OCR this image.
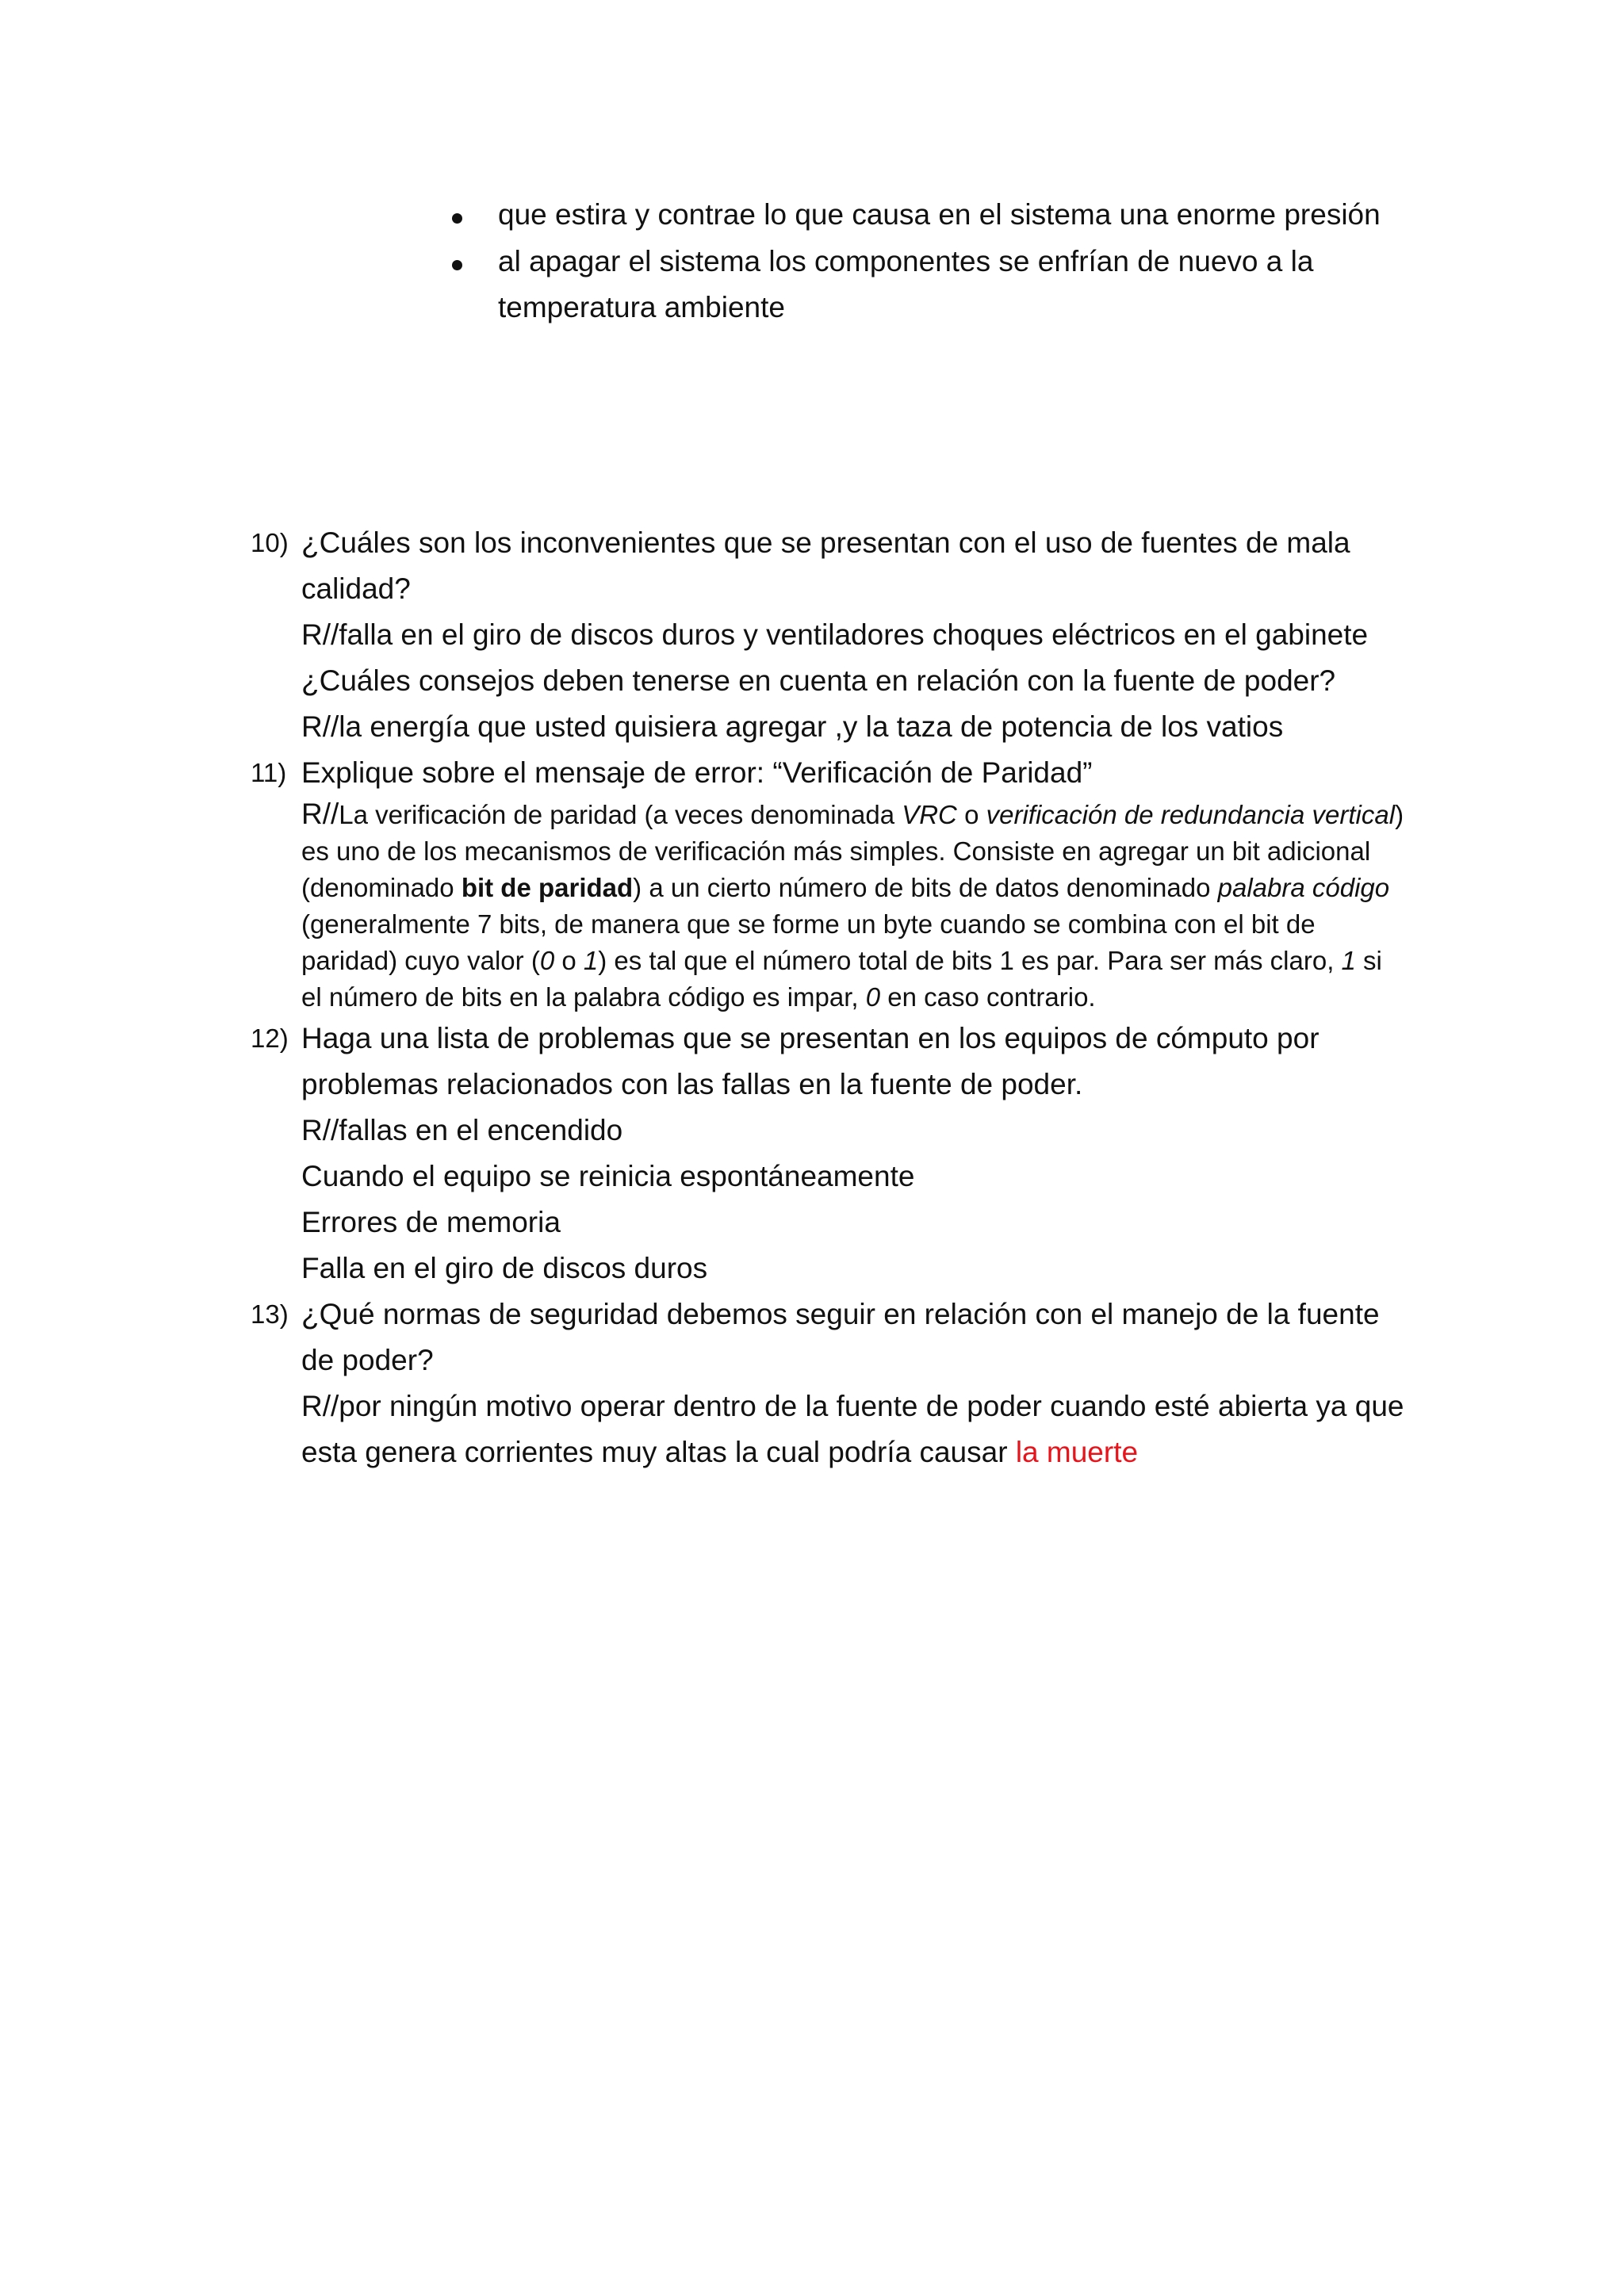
que estira y contrae lo que causa en el sistema una enorme presión
al apagar el sistema los componentes se enfrían de nuevo a la temperatura ambiente
10) ¿Cuáles son los inconvenientes que se presentan con el uso de fuentes de mala calidad?
R//falla en el giro de discos duros y ventiladores choques eléctricos en el gabinete
¿Cuáles consejos deben tenerse en cuenta en relación con la fuente de poder?
R//la energía que usted quisiera agregar ,y la taza de potencia de los vatios
11) Explique sobre el mensaje de error: “Verificación de Paridad”
R//La verificación de paridad (a veces denominada VRC o verificación de redundancia vertical) es uno de los mecanismos de verificación más simples. Consiste en agregar un bit adicional (denominado bit de paridad) a un cierto número de bits de datos denominado palabra código (generalmente 7 bits, de manera que se forme un byte cuando se combina con el bit de paridad) cuyo valor (0 o 1) es tal que el número total de bits 1 es par. Para ser más claro, 1 si el número de bits en la palabra código es impar, 0 en caso contrario.
12) Haga una lista de problemas que se presentan en los equipos de cómputo por problemas relacionados con las fallas en la fuente de poder.
R//fallas en el encendido
Cuando el equipo se reinicia espontáneamente
Errores de memoria
Falla en el giro de discos duros
13) ¿Qué normas de seguridad debemos seguir en relación con el manejo de la fuente de poder?
R//por ningún motivo operar dentro de la fuente de poder cuando esté abierta ya que esta genera corrientes muy altas la cual podría causar la muerte
